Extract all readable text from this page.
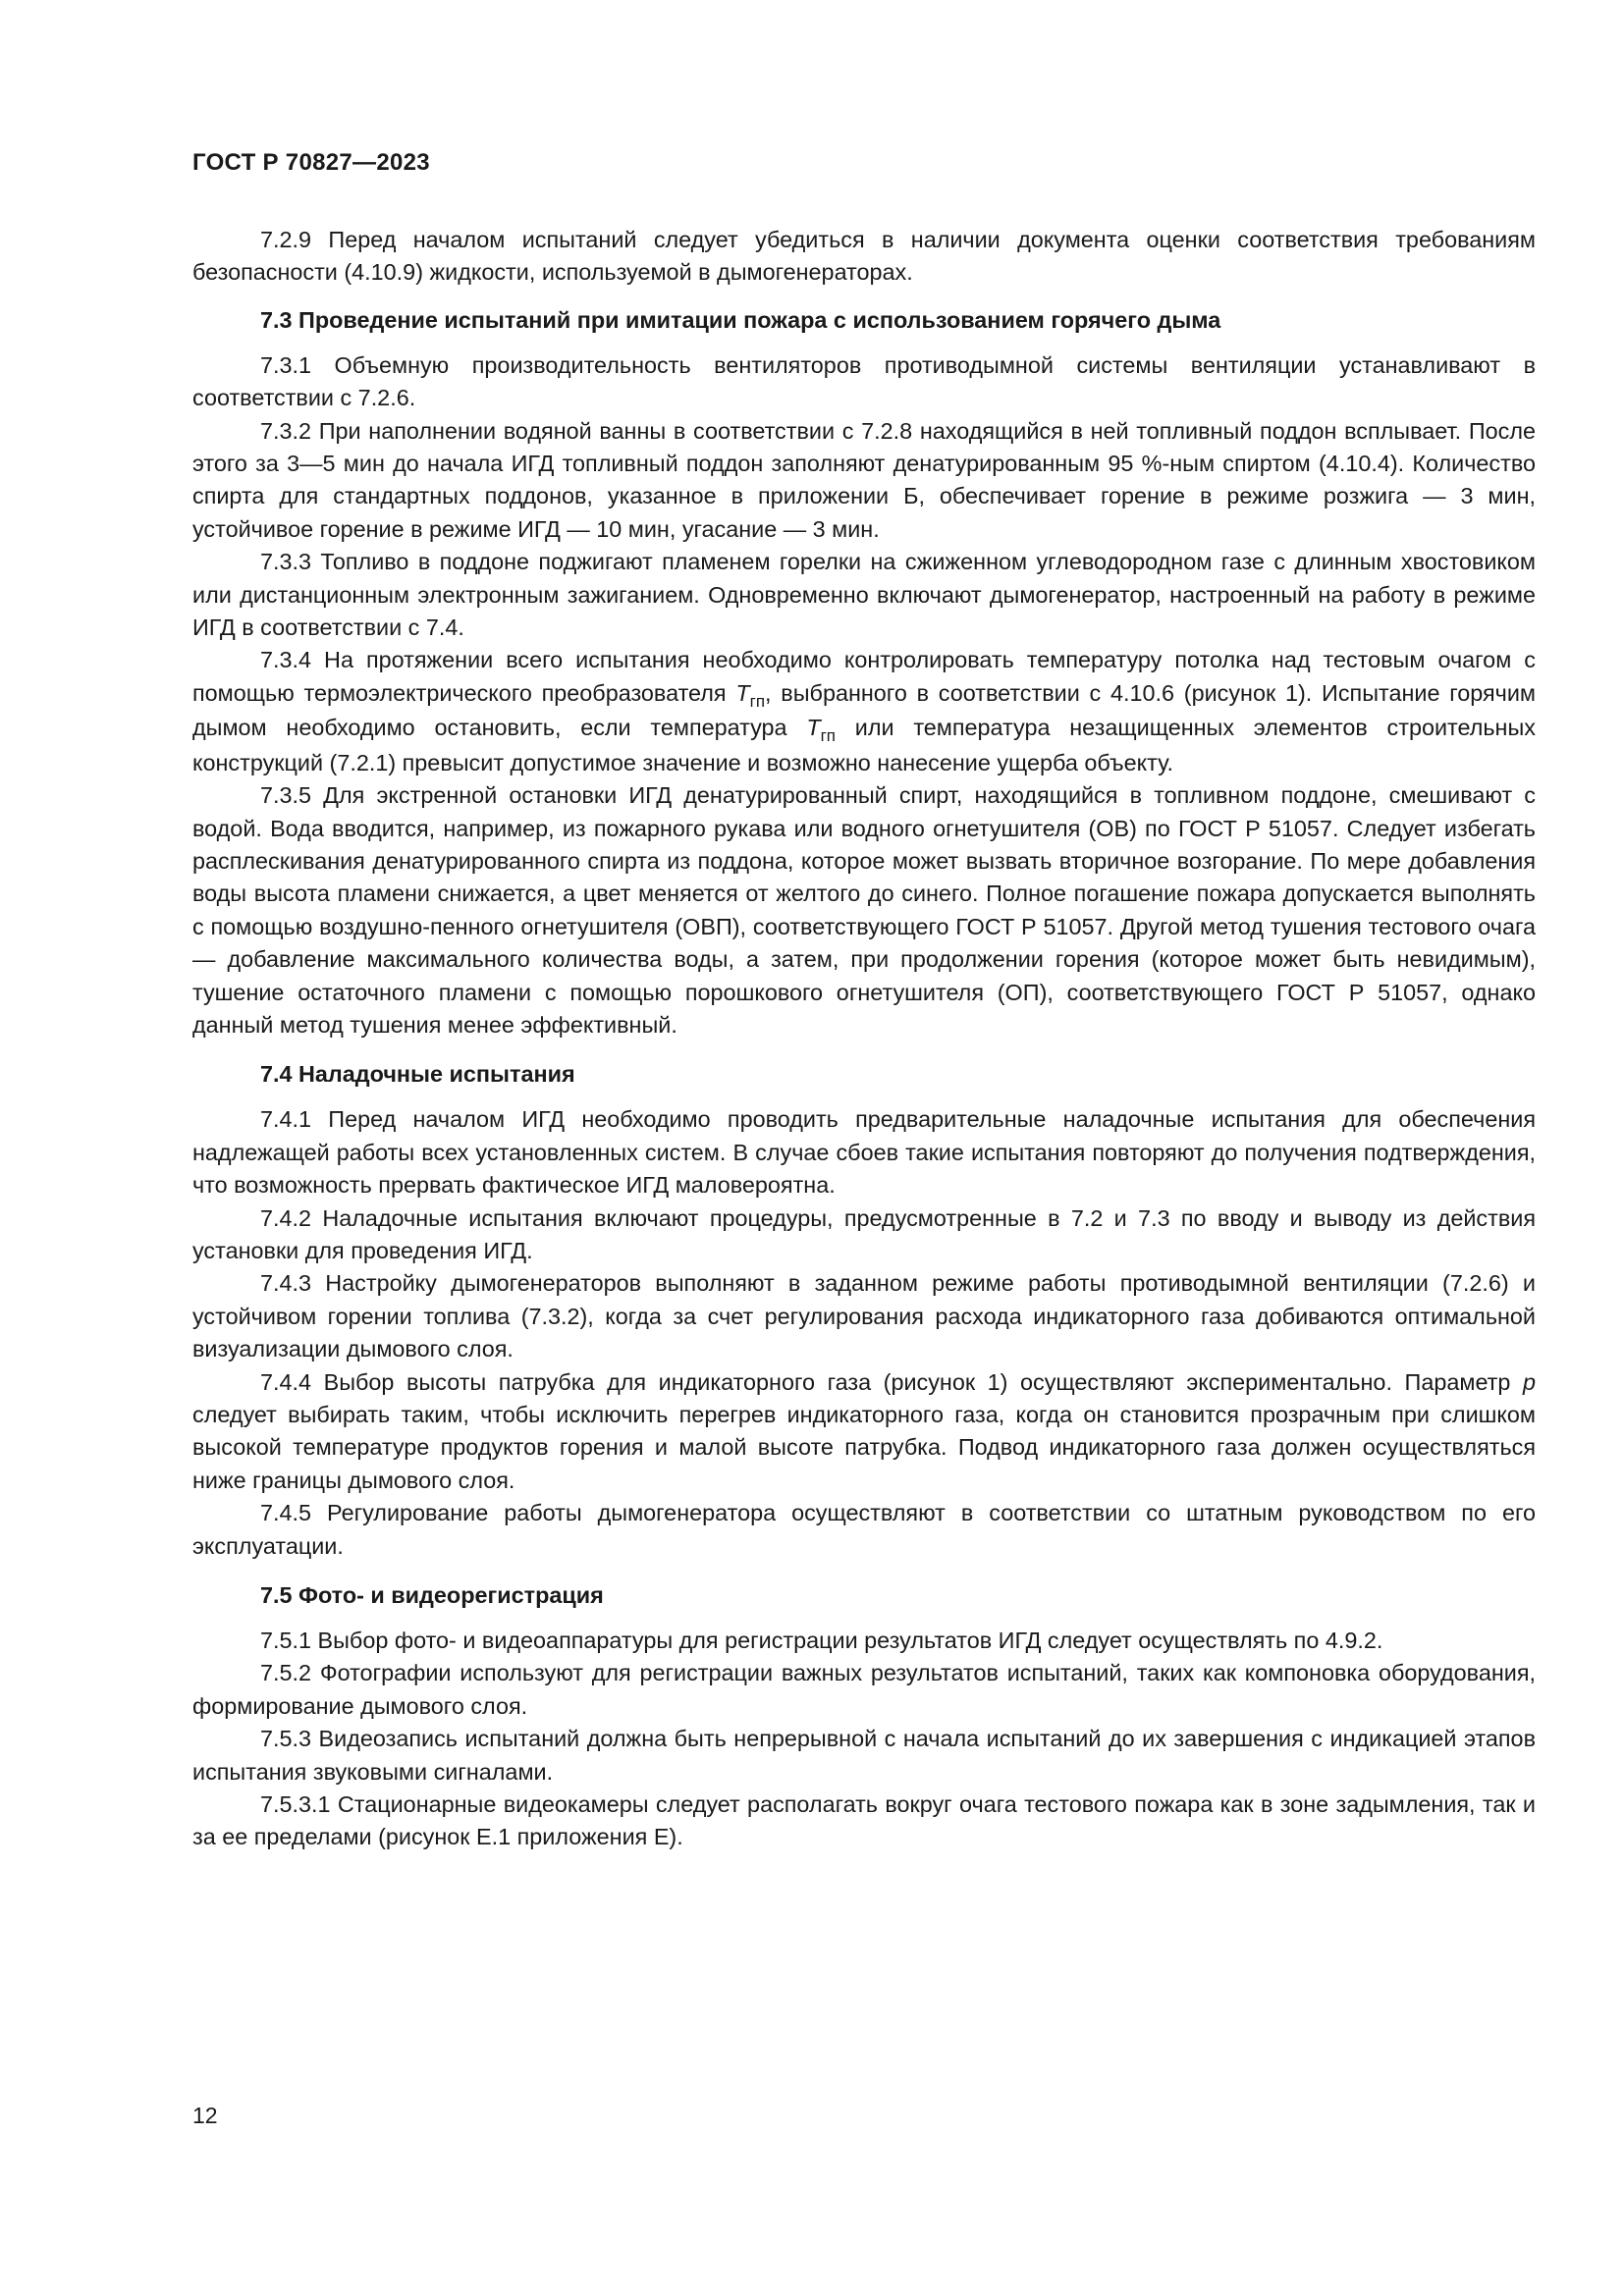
ГОСТ Р 70827—2023

7.2.9 Перед началом испытаний следует убедиться в наличии документа оценки соответствия требованиям безопасности (4.10.9) жидкости, используемой в дымогенераторах.

7.3 Проведение испытаний при имитации пожара с использованием горячего дыма

7.3.1 Объемную производительность вентиляторов противодымной системы вентиляции устанавливают в соответствии с 7.2.6.

7.3.2 При наполнении водяной ванны в соответствии с 7.2.8 находящийся в ней топливный поддон всплывает. После этого за 3—5 мин до начала ИГД топливный поддон заполняют денатурированным 95 %-ным спиртом (4.10.4). Количество спирта для стандартных поддонов, указанное в приложении Б, обеспечивает горение в режиме розжига — 3 мин, устойчивое горение в режиме ИГД — 10 мин, угасание — 3 мин.

7.3.3 Топливо в поддоне поджигают пламенем горелки на сжиженном углеводородном газе с длинным хвостовиком или дистанционным электронным зажиганием. Одновременно включают дымогенератор, настроенный на работу в режиме ИГД в соответствии с 7.4.

7.3.4 На протяжении всего испытания необходимо контролировать температуру потолка над тестовым очагом с помощью термоэлектрического преобразователя $T_{гп}$, выбранного в соответствии с 4.10.6 (рисунок 1). Испытание горячим дымом необходимо остановить, если температура $T_{гп}$ или температура незащищенных элементов строительных конструкций (7.2.1) превысит допустимое значение и возможно нанесение ущерба объекту.

7.3.5 Для экстренной остановки ИГД денатурированный спирт, находящийся в топливном поддоне, смешивают с водой. Вода вводится, например, из пожарного рукава или водного огнетушителя (ОВ) по ГОСТ Р 51057. Следует избегать расплескивания денатурированного спирта из поддона, которое может вызвать вторичное возгорание. По мере добавления воды высота пламени снижается, а цвет меняется от желтого до синего. Полное погашение пожара допускается выполнять с помощью воздушно-пенного огнетушителя (ОВП), соответствующего ГОСТ Р 51057. Другой метод тушения тестового очага — добавление максимального количества воды, а затем, при продолжении горения (которое может быть невидимым), тушение остаточного пламени с помощью порошкового огнетушителя (ОП), соответствующего ГОСТ Р 51057, однако данный метод тушения менее эффективный.

7.4 Наладочные испытания

7.4.1 Перед началом ИГД необходимо проводить предварительные наладочные испытания для обеспечения надлежащей работы всех установленных систем. В случае сбоев такие испытания повторяют до получения подтверждения, что возможность прервать фактическое ИГД маловероятна.

7.4.2 Наладочные испытания включают процедуры, предусмотренные в 7.2 и 7.3 по вводу и выводу из действия установки для проведения ИГД.

7.4.3 Настройку дымогенераторов выполняют в заданном режиме работы противодымной вентиляции (7.2.6) и устойчивом горении топлива (7.3.2), когда за счет регулирования расхода индикаторного газа добиваются оптимальной визуализации дымового слоя.

7.4.4 Выбор высоты патрубка для индикаторного газа (рисунок 1) осуществляют экспериментально. Параметр p следует выбирать таким, чтобы исключить перегрев индикаторного газа, когда он становится прозрачным при слишком высокой температуре продуктов горения и малой высоте патрубка. Подвод индикаторного газа должен осуществляться ниже границы дымового слоя.

7.4.5 Регулирование работы дымогенератора осуществляют в соответствии со штатным руководством по его эксплуатации.

7.5 Фото- и видеорегистрация

7.5.1 Выбор фото- и видеоаппаратуры для регистрации результатов ИГД следует осуществлять по 4.9.2.

7.5.2 Фотографии используют для регистрации важных результатов испытаний, таких как компоновка оборудования, формирование дымового слоя.

7.5.3 Видеозапись испытаний должна быть непрерывной с начала испытаний до их завершения с индикацией этапов испытания звуковыми сигналами.

7.5.3.1 Стационарные видеокамеры следует располагать вокруг очага тестового пожара как в зоне задымления, так и за ее пределами (рисунок Е.1 приложения Е).

12
